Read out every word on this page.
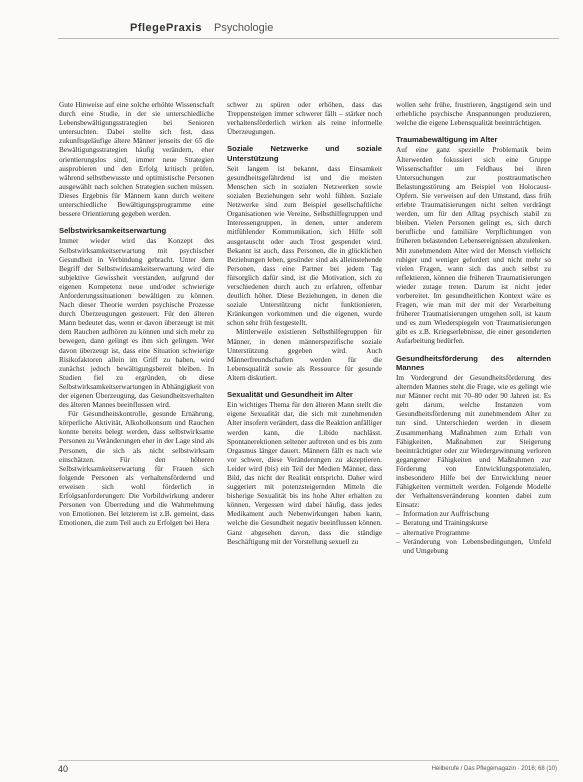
PflegePraxis Psychologie

Gute Hinweise auf eine solche erhöhte Wissenschaft durch eine Studie, in der sie unterschiedliche Lebensbewältigungsstrategien bei Senioren untersuchten. Dabei stellte sich fest, dass zukunftsgeläufige ältere Männer jenseits der 65 die Bewältigungsstrategien häufig verändern, eher orientierungslos sind, immer neue Strategien ausprobieren und den Erfolg kritisch prüfen, während selbstbewusste und optimistische Personen ausgewählt nach solchen Strategien suchen müssen. Dieses Ergebnis für Männern kann durch weitere unterschiedliche Bewältigungsprogramme eine bessere Orientierung gegeben werden.

Selbstwirksamkeitserwartung

Immer wieder wird das Konzept des Selbstwirksamkeitserwartung mit psychischer Gesundheit in Verbindung gebracht. Unter dem Begriff der Selbstwirksamkeitserwartung wird die subjektive Gewissheit verstanden, aufgrund der eigenen Kompetenz neue und/oder schwierige Anforderungssituationen bewältigen zu können. Nach dieser Theorie werden psychische Prozesse durch Überzeugungen gesteuert. Für den älteren Mann bedeutet das, wenn er davon überzeugt ist mit dem Rauchen aufhören zu können und sich mehr zu bewegen, dann gelingt es ihm sich gelingen. Wer davon überzeugt ist, dass eine Situation schwierige Risikofaktoren allein im Griff zu haben, wird zunächst jedoch bewältigungsbereit bleiben. In Studien fiel zu ergründen, ob diese Selbstwirksamkeitserwartungen in Abhängigkeit von der eigenen Überzeugung, das Gesundheitsverhalten des älteren Mannes beeinflussen wird.

Für Gesundheitskontrolle, gesunde Ernährung, körperliche Aktivität, Alkoholkonsum und Rauchen konnte bereits belegt werden, dass selbstwirksame Personen zu Veränderungen eher in der Lage sind als Personen, die sich als nicht selbstwirksam einschätzen. Für den höheren Selbstwirksamkeitserwartung für Frauen sich folgende Personen als verhaltensfördernd und erweisen sich wohl förderlich in Erfolgsanforderungen: Die Vorbildwirkung anderer Personen von Überredung und die Wahrnehmung von Emotionen. Bei letzterem ist z.B. gemeint, dass Emotionen, die zum Teil auch zu Erfolgen bei Hera

schwer zu spüren oder erhöhen, dass das Treppensteigen immer schwerer fällt – stärker noch verhaltensförderlich wirken als reine informelle Überzeugungen.

Soziale Netzwerke und soziale Unterstützung

Seit langem ist bekannt, dass Einsamkeit gesundheitsgefährdend ist und die meisten Menschen sich in sozialen Netzwerken sowie sozialen Beziehungen sehr wohl fühlen. Soziale Netzwerke sind zum Beispiel gesellschaftliche Organisationen wie Vereine, Selbsthilfegruppen und Interessengruppen, in denen, unter anderem mitfühlender Kommunikation, sich Hilfe soll ausgetauscht oder auch Trost gespendet wird. Bekannt ist auch, dass Personen, die in glücklichen Beziehungen leben, gesünder sind als alleinstehende Personen, dass eine Partner bei jedem Tag fürsorglich dafür sind, ist die Motivation, sich zu verschiedenen durch auch zu erfahren, offenbar deutlich höher. Diese Beziehungen, in denen die soziale Unterstützung nicht funktionieren, Kränkungen vorkommen und die eigenen, wurde schon sehr früh festgestellt.

Mittlerweile existieren Selbsthilfegruppen für Männer, in denen männerspezifische soziale Unterstützung gegeben wird. Auch Männerfreundschaften werden für die Lebensqualität sowie als Ressource für gesunde Altern diskutiert.

Sexualität und Gesundheit im Alter

Ein wichtiges Thema für den älteren Mann stellt die eigene Sexualität dar, die sich mit zunehmenden Alter insofern verändert, dass die Reaktion anfälliger werden kann, die Libido nachlässt. Spontanerektionen seltener auftreten und es bis zum Orgasmus länger dauert. Männern fällt es nach wie vor schwer, diese Veränderungen zu akzeptieren. Leider wird (bis) ein Teil der Medien Männer, dass Bild, das nicht der Realität entspricht. Daher wird suggeriert mit potenzsteigernden Mitteln die bisherige Sexualität bis ins hohe Alter erhalten zu können. Vergessen wird dabei häufig, dass jedes Medikament auch Nebenwirkungen haben kann, welche die Gesundheit negativ beeinflussen können. Ganz abgesehen davon, dass die ständige Beschäftigung mit der Vorstellung sexuell zu

wollen sehr frühe, frustrieren, ängstigend sein und erhebliche psychische Anspannungen produzieren, welche die eigene Lebensqualität beeinträchtigen.

Traumabewältigung im Alter

Auf eine ganz spezielle Problematik beim Älterwerden fokussiert sich eine Gruppe Wissenschaftler um Feldhaus bei ihren Untersuchungen zur posttraumatischen Belastungsstörung am Beispiel von Holocaust-Opfern. Sie verweisen auf den Umstand, dass früh erlebte Traumatisierungen nicht selten verdrängt werden, um für den Alltag psychisch stabil zu bleiben. Vielen Personen gelingt es, sich durch berufliche und familiäre Verpflichtungen von früheren belastenden Lebensereignissen abzulenken. Mit zunehmendem Alter wird der Mensch vielleicht ruhiger und weniger gefordert und nicht mehr so vielen Fragen, wann sich das auch selbst zu reflektieren, können die früheren Traumatisierungen wieder zutage treten. Darum ist nicht jeder vorbereitet. Im gesundheitlichen Kontext wäre es Fragen, wie man mit der mit der Verarbeitung früherer Traumatisierungen umgehen soll, ist kaum und es zum Wiederspiegeln von Traumatisierungen gibt es z.B. Kriegserlebnisse, die einer gesonderten Aufarbeitung bedürfen.

Gesundheitsförderung des alternden Mannes

Im Vordergrund der Gesundheitsförderung des alternden Mannes steht die Frage, wie es gelingt wie nur Männer recht mit 70–80 oder 90 Jahren ist. Es geht darum, welche Instanzen vom Gesundheitsförderung mit zunehmendem Alter zu tun sind. Unterschieden werden in diesem Zusammenhang Maßnahmen zum Erhalt von Fähigkeiten, Maßnahmen zur Steigerung beeinträchtigter oder zur Wiedergewinnung verloren gegangener Fähigkeiten und Maßnahmen zur Förderung von Entwicklungspotenzialen, insbesondere Hilfe bei der Entwicklung neuer Fähigkeiten vermittelt werden. Folgende Modelle der Verhaltensveränderung konnten dabei zum Einsatz:

– Information zur Auffrischung
– Beratung und Trainingskurse
– alternative Programme
– Veränderung von Lebensbedingungen, Umfeld und Umgebung
40	Heilberufe / Das Pflegemagazin · 2016; 68 (10)
